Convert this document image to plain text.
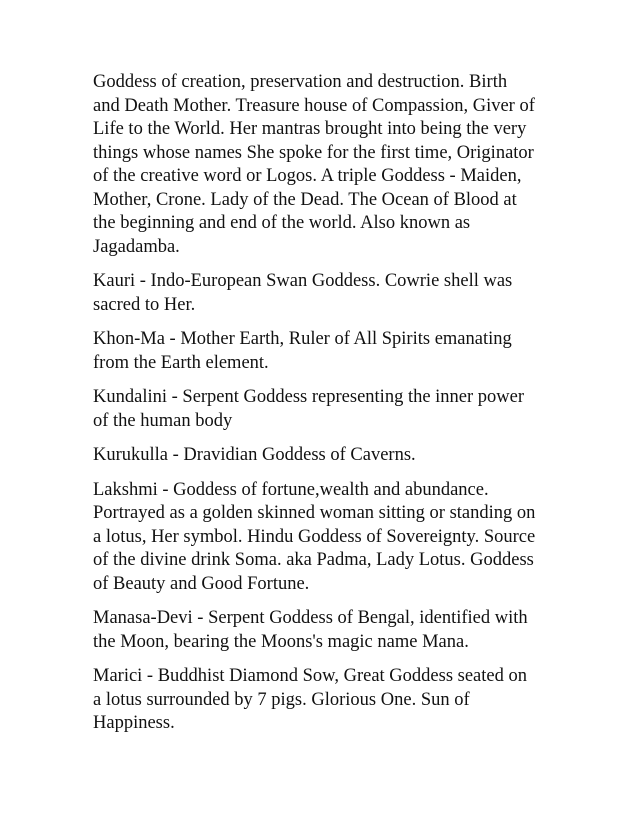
Goddess of creation, preservation and destruction. Birth
and Death Mother. Treasure house of Compassion, Giver of
Life to the World. Her mantras brought into being the very
things whose names She spoke for the first time, Originator
of the creative word or Logos. A triple Goddess - Maiden,
Mother, Crone. Lady of the Dead. The Ocean of Blood at
the beginning and end of the world. Also known as
Jagadamba.

Kauri - Indo-European Swan Goddess. Cowrie shell was
sacred to Her.

Khon-Ma - Mother Earth, Ruler of All Spirits emanating
from the Earth element.

Kundalini - Serpent Goddess representing the inner power
of the human body

Kurukulla - Dravidian Goddess of Caverns.

Lakshmi - Goddess of fortune,wealth and abundance.
Portrayed as a golden skinned woman sitting or standing on
a lotus, Her symbol. Hindu Goddess of Sovereignty. Source
of the divine drink Soma. aka Padma, Lady Lotus. Goddess
of Beauty and Good Fortune.

Manasa-Devi - Serpent Goddess of Bengal, identified with
the Moon, bearing the Moons's magic name Mana.

Marici - Buddhist Diamond Sow, Great Goddess seated on
a lotus surrounded by 7 pigs. Glorious One. Sun of
Happiness.
